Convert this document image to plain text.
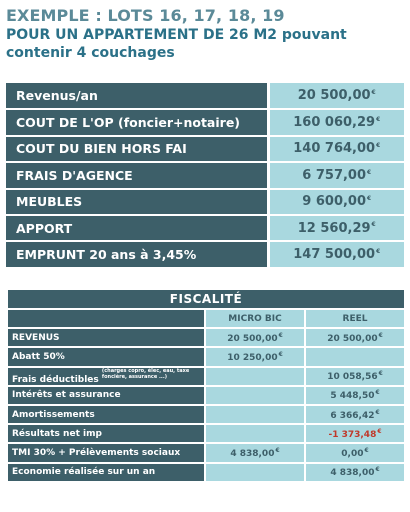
EXEMPLE : LOTS 16, 17, 18, 19
POUR UN APPARTEMENT DE 26 M2 pouvant
contenir 4 couchages
Revenus/an	20 500,00€
COUT DE L'OP (foncier+notaire)	160 060,29€
COUT DU BIEN HORS FAI	140 764,00€
FRAIS D'AGENCE	6 757,00€
MEUBLES	9 600,00€
APPORT	12 560,29€
EMPRUNT 20 ans à 3,45%	147 500,00€
FISCALITÉ		
	MICRO BIC	REEL
REVENUS	20 500,00€	20 500,00€
Abatt 50%	10 250,00€	
Frais déductibles (charges copro, élec, eau, taxe foncière, assurance ...)		10 058,56€
Intérêts et assurance		5 448,50€
Amortissements		6 366,42€
Résultats net imp		-1 373,48€
TMI 30% + Prélèvements sociaux	4 838,00€	0,00€
Economie réalisée sur un an		4 838,00€
